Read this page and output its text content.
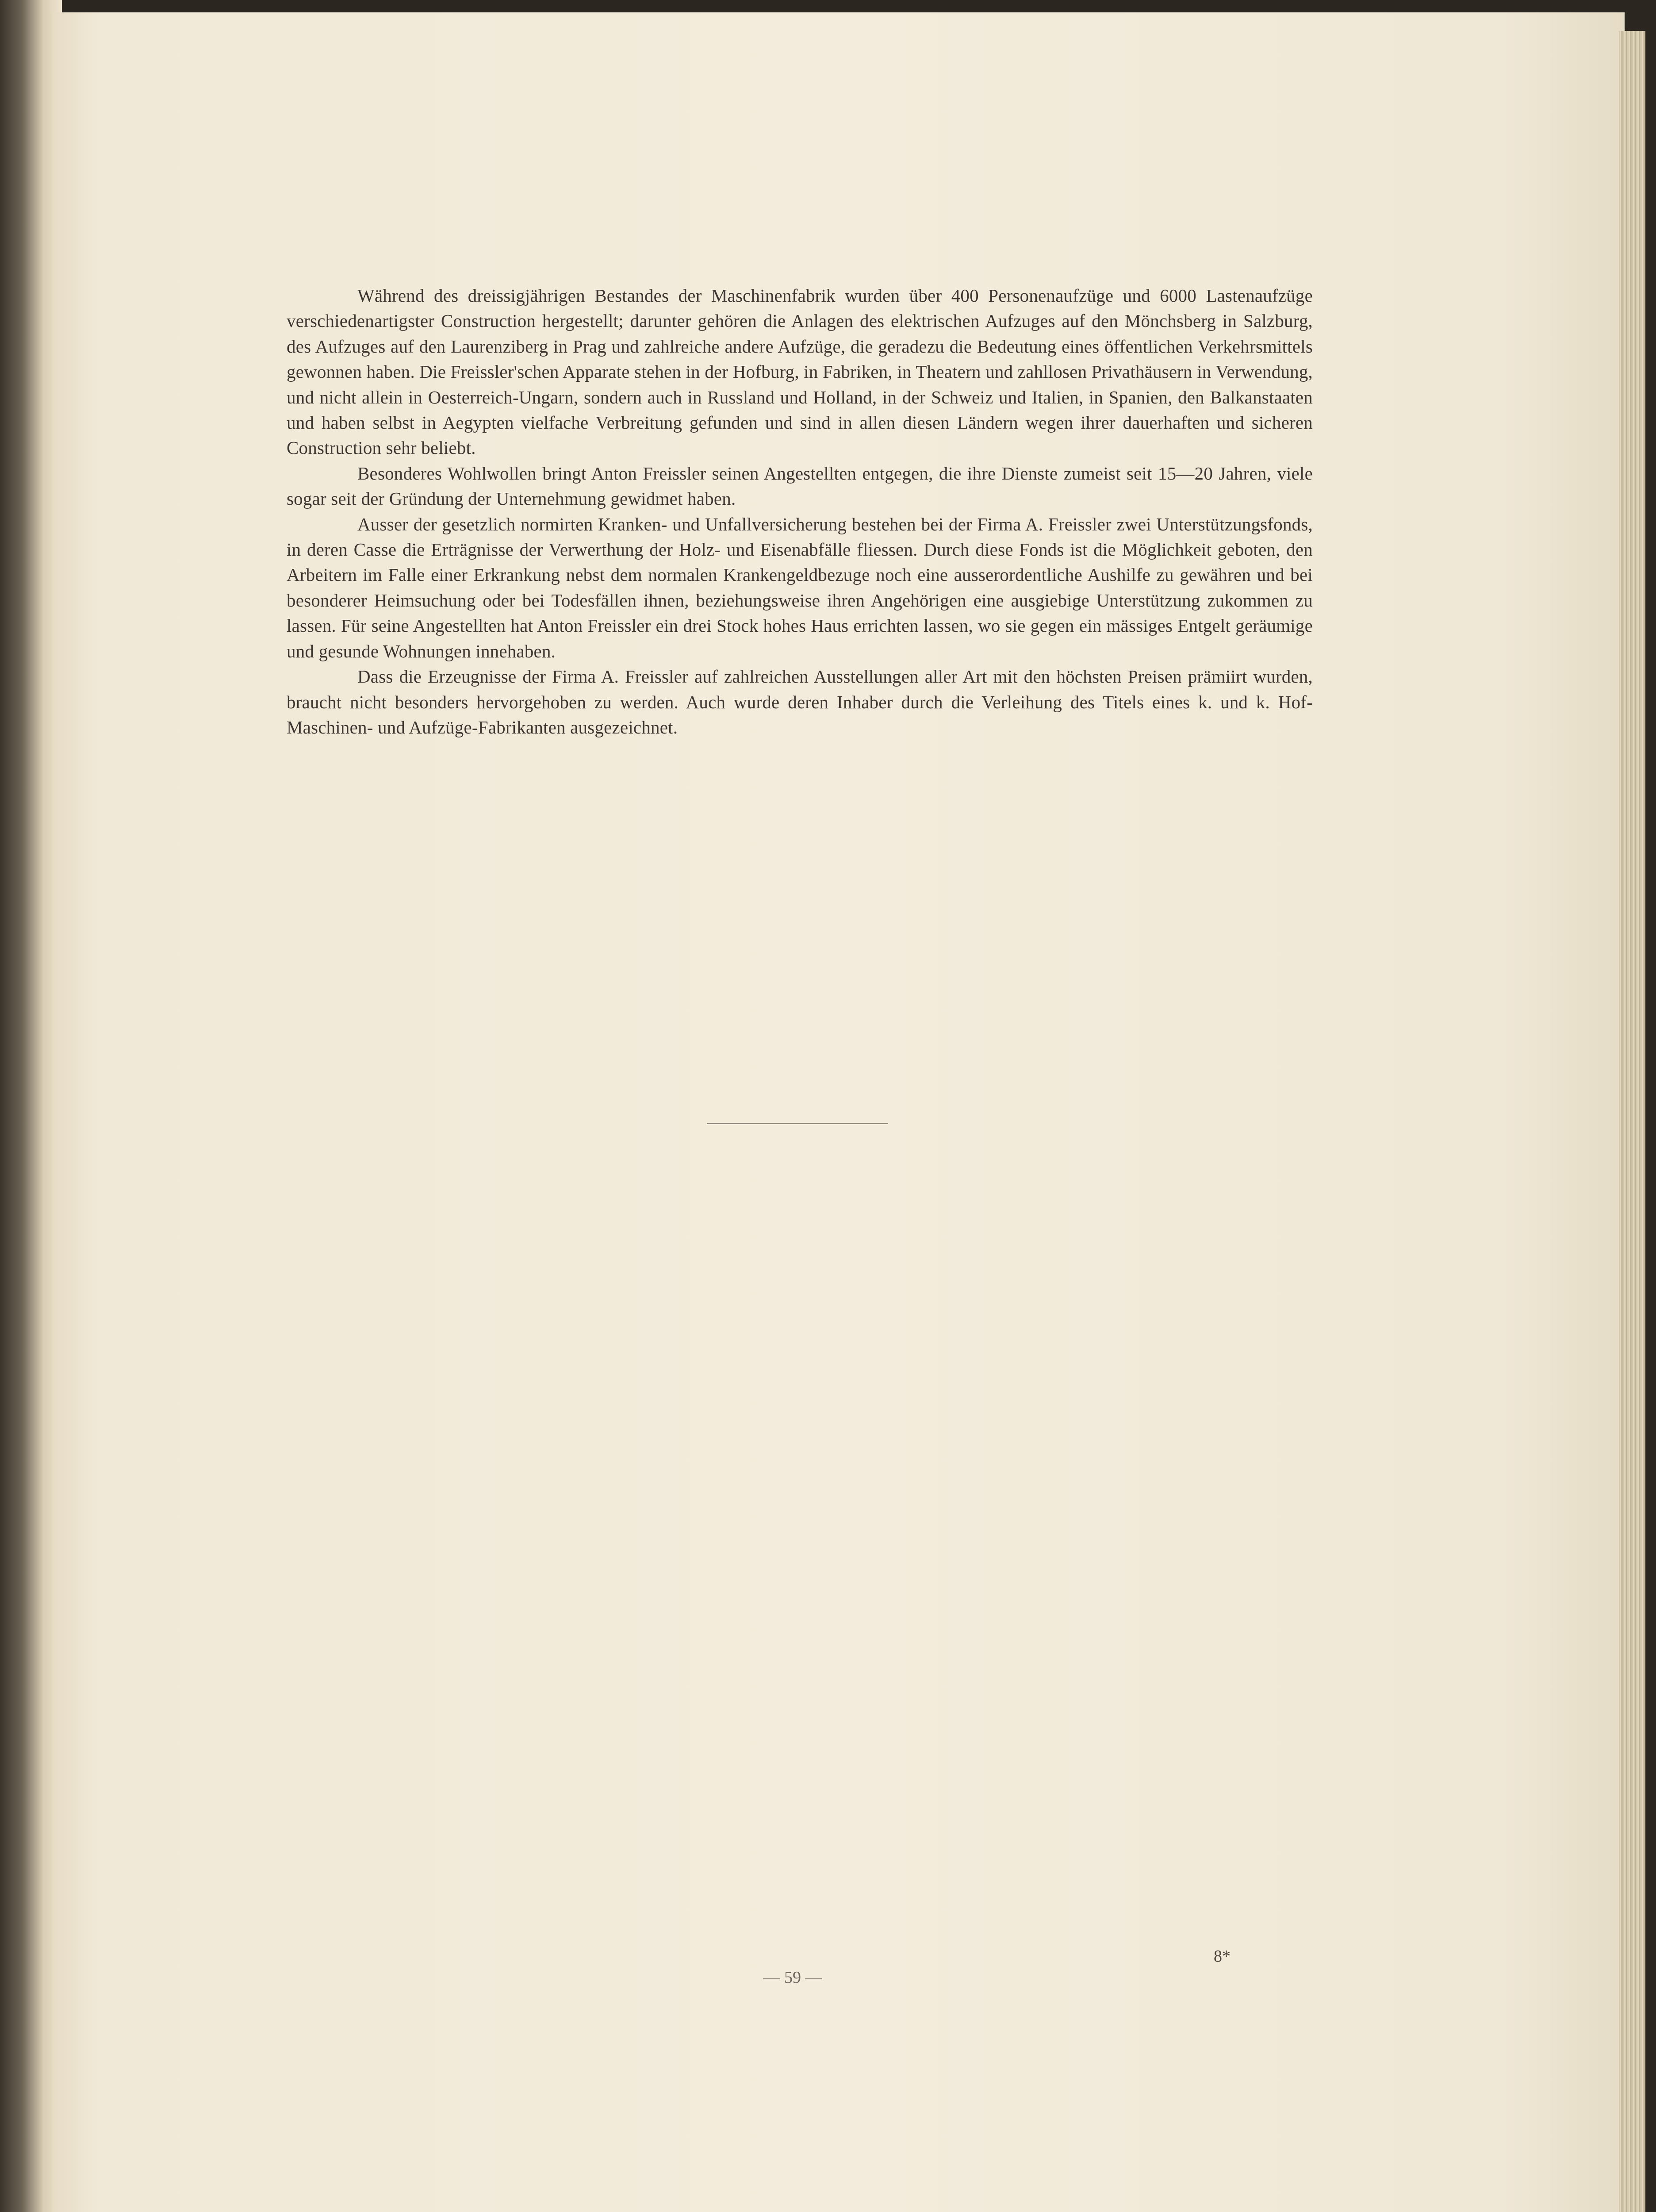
Während des dreissigjährigen Bestandes der Maschinenfabrik wurden über 400 Personenaufzüge und 6000 Lastenaufzüge verschiedenartigster Construction hergestellt; darunter gehören die Anlagen des elektrischen Aufzuges auf den Mönchsberg in Salzburg, des Aufzuges auf den Laurenziberg in Prag und zahlreiche andere Aufzüge, die geradezu die Bedeutung eines öffentlichen Verkehrsmittels gewonnen haben. Die Freissler'schen Apparate stehen in der Hofburg, in Fabriken, in Theatern und zahllosen Privathäusern in Verwendung, und nicht allein in Oesterreich-Ungarn, sondern auch in Russland und Holland, in der Schweiz und Italien, in Spanien, den Balkanstaaten und haben selbst in Aegypten vielfache Verbreitung gefunden und sind in allen diesen Ländern wegen ihrer dauerhaften und sicheren Construction sehr beliebt.

Besonderes Wohlwollen bringt Anton Freissler seinen Angestellten entgegen, die ihre Dienste zumeist seit 15—20 Jahren, viele sogar seit der Gründung der Unternehmung gewidmet haben.

Ausser der gesetzlich normirten Kranken- und Unfallversicherung bestehen bei der Firma A. Freissler zwei Unterstützungsfonds, in deren Casse die Erträgnisse der Verwerthung der Holz- und Eisenabfälle fliessen. Durch diese Fonds ist die Möglichkeit geboten, den Arbeitern im Falle einer Erkrankung nebst dem normalen Krankengeldbezuge noch eine ausserordentliche Aushilfe zu gewähren und bei besonderer Heimsuchung oder bei Todesfällen ihnen, beziehungsweise ihren Angehörigen eine ausgiebige Unterstützung zukommen zu lassen. Für seine Angestellten hat Anton Freissler ein drei Stock hohes Haus errichten lassen, wo sie gegen ein mässiges Entgelt geräumige und gesunde Wohnungen innehaben.

Dass die Erzeugnisse der Firma A. Freissler auf zahlreichen Ausstellungen aller Art mit den höchsten Preisen prämiirt wurden, braucht nicht besonders hervorgehoben zu werden. Auch wurde deren Inhaber durch die Verleihung des Titels eines k. und k. Hof-Maschinen- und Aufzüge-Fabrikanten ausgezeichnet.

— 59 —
8*
